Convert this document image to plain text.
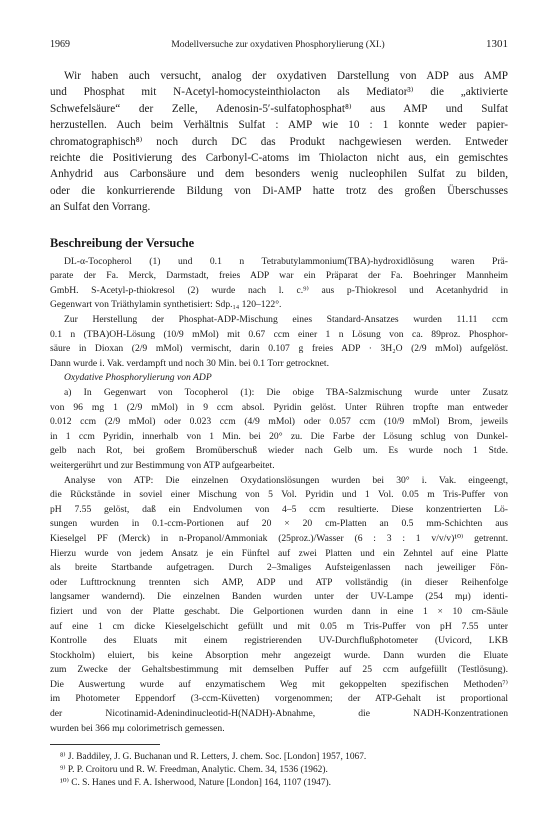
1969	Modellversuche zur oxydativen Phosphorylierung (XI.)	1301
Wir haben auch versucht, analog der oxydativen Darstellung von ADP aus AMP
und Phosphat mit N-Acetyl-homocysteinthiolacton als Mediator³⁾ die „aktivierte
Schwefelsäure“ der Zelle, Adenosin-5′-sulfatophosphat⁸⁾ aus AMP und Sulfat
herzustellen. Auch beim Verhältnis Sulfat : AMP wie 10 : 1 konnte weder papier-
chromatographisch⁸⁾ noch durch DC das Produkt nachgewiesen werden. Entweder
reichte die Positivierung des Carbonyl-C-atoms im Thiolacton nicht aus, ein gemischtes
Anhydrid aus Carbonsäure und dem besonders wenig nucleophilen Sulfat zu bilden,
oder die konkurrierende Bildung von Di-AMP hatte trotz des großen Überschusses
an Sulfat den Vorrang.
Beschreibung der Versuche
DL-α-Tocopherol (1) und 0.1 n Tetrabutylammonium(TBA)-hydroxidlösung waren Prä-
parate der Fa. Merck, Darmstadt, freies ADP war ein Präparat der Fa. Boehringer Mannheim
GmbH. S-Acetyl-p-thiokresol (2) wurde nach l. c.⁹⁾ aus p-Thiokresol und Acetanhydrid in
Gegenwart von Triäthylamin synthetisiert: Sdp.₁₄ 120–122°.
Zur Herstellung der Phosphat-ADP-Mischung eines Standard-Ansatzes wurden 11.11 ccm
0.1 n (TBA)OH-Lösung (10/9 mMol) mit 0.67 ccm einer 1 n Lösung von ca. 89proz. Phosphor-
säure in Dioxan (2/9 mMol) vermischt, darin 0.107 g freies ADP · 3H₂O (2/9 mMol) aufgelöst.
Dann wurde i. Vak. verdampft und noch 30 Min. bei 0.1 Torr getrocknet.
Oxydative Phosphorylierung von ADP
a) In Gegenwart von Tocopherol (1): Die obige TBA-Salzmischung wurde unter Zusatz
von 96 mg 1 (2/9 mMol) in 9 ccm absol. Pyridin gelöst. Unter Rühren tropfte man entweder
0.012 ccm (2/9 mMol) oder 0.023 ccm (4/9 mMol) oder 0.057 ccm (10/9 mMol) Brom, jeweils
in 1 ccm Pyridin, innerhalb von 1 Min. bei 20° zu. Die Farbe der Lösung schlug von Dunkel-
gelb nach Rot, bei großem Bromüberschuß wieder nach Gelb um. Es wurde noch 1 Stde.
weitergerührt und zur Bestimmung von ATP aufgearbeitet.
Analyse von ATP: Die einzelnen Oxydationslösungen wurden bei 30° i. Vak. eingeengt,
die Rückstände in soviel einer Mischung von 5 Vol. Pyridin und 1 Vol. 0.05 m Tris-Puffer von
pH 7.55 gelöst, daß ein Endvolumen von 4–5 ccm resultierte. Diese konzentrierten Lö-
sungen wurden in 0.1-ccm-Portionen auf 20 × 20 cm-Platten an 0.5 mm-Schichten aus
Kieselgel PF (Merck) in n-Propanol/Ammoniak (25proz.)/Wasser (6 : 3 : 1 v/v/v)¹⁰⁾ getrennt.
Hierzu wurde von jedem Ansatz je ein Fünftel auf zwei Platten und ein Zehntel auf eine Platte
als breite Startbande aufgetragen. Durch 2–3maliges Aufsteigenlassen nach jeweiliger Fön-
oder Lufttrocknung trennten sich AMP, ADP und ATP vollständig (in dieser Reihenfolge
langsamer wandernd). Die einzelnen Banden wurden unter der UV-Lampe (254 mμ) identi-
fiziert und von der Platte geschabt. Die Gelportionen wurden dann in eine 1 × 10 cm-Säule
auf eine 1 cm dicke Kieselgelschicht gefüllt und mit 0.05 m Tris-Puffer von pH 7.55 unter
Kontrolle des Eluats mit einem registrierenden UV-Durchflußphotometer (Uvicord, LKB
Stockholm) eluiert, bis keine Absorption mehr angezeigt wurde. Dann wurden die Eluate
zum Zwecke der Gehaltsbestimmung mit demselben Puffer auf 25 ccm aufgefüllt (Testlösung).
Die Auswertung wurde auf enzymatischem Weg mit gekoppelten spezifischen Methoden⁷⁾
im Photometer Eppendorf (3-ccm-Küvetten) vorgenommen; der ATP-Gehalt ist proportional
der Nicotinamid-Adenindinucleotid-H(NADH)-Abnahme, die NADH-Konzentrationen
wurden bei 366 mμ colorimetrisch gemessen.
⁸⁾ J. Baddiley, J. G. Buchanan und R. Letters, J. chem. Soc. [London] 1957, 1067.
⁹⁾ P. P. Croitoru und R. W. Freedman, Analytic. Chem. 34, 1536 (1962).
¹⁰⁾ C. S. Hanes und F. A. Isherwood, Nature [London] 164, 1107 (1947).
